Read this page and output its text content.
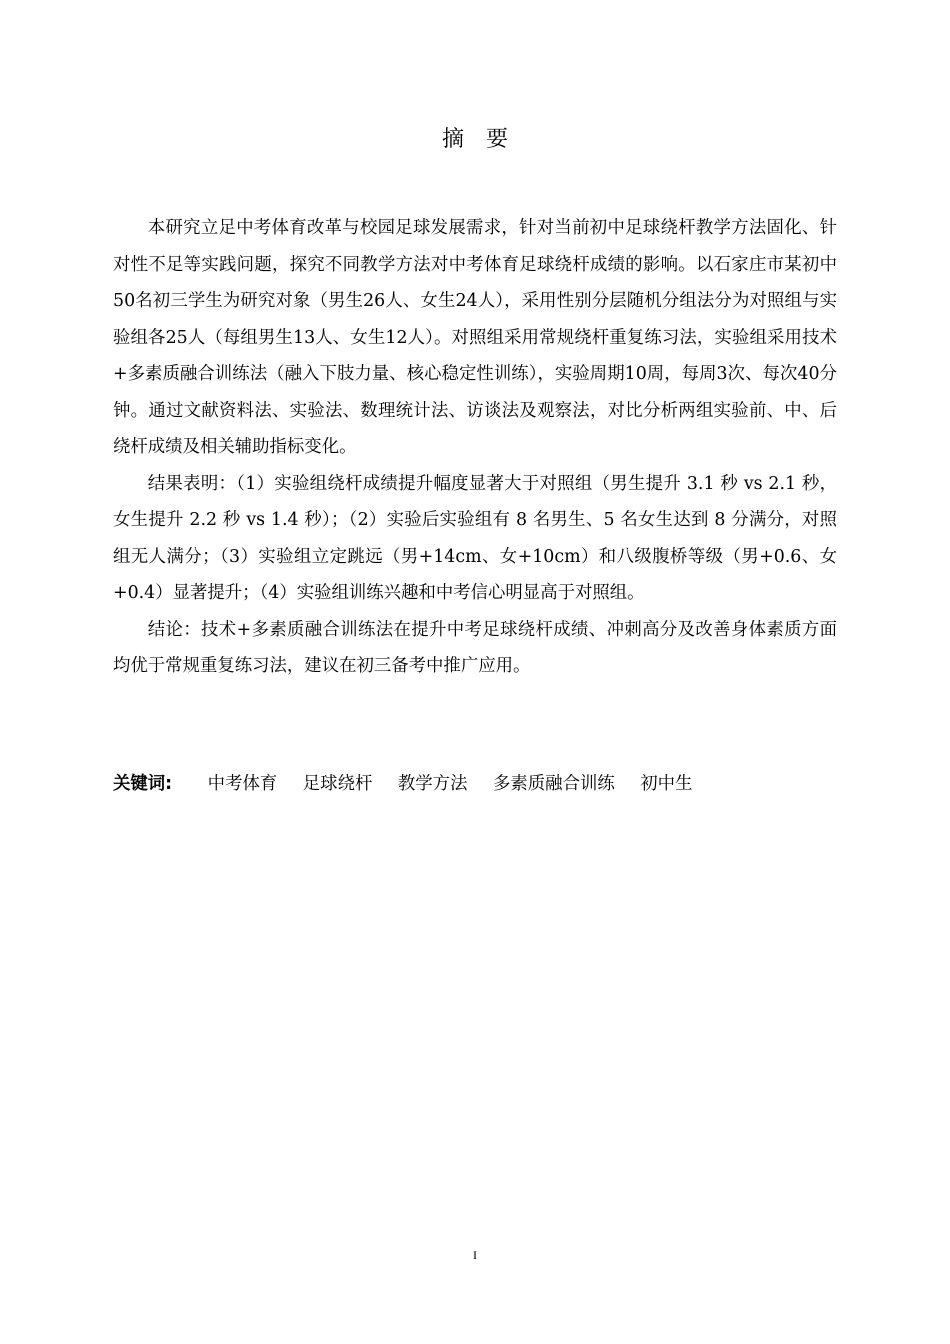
摘要

本研究立足中考体育改革与校园足球发展需求，针对当前初中足球绕杆教学方法固化、针对性不足等实践问题，探究不同教学方法对中考体育足球绕杆成绩的影响。以石家庄市某初中50名初三学生为研究对象（男生26人、女生24人），采用性别分层随机分组法分为对照组与实验组各25人（每组男生13人、女生12人）。对照组采用常规绕杆重复练习法，实验组采用技术+多素质融合训练法（融入下肢力量、核心稳定性训练），实验周期10周，每周3次、每次40分钟。通过文献资料法、实验法、数理统计法、访谈法及观察法，对比分析两组实验前、中、后绕杆成绩及相关辅助指标变化。

结果表明：（1）实验组绕杆成绩提升幅度显著大于对照组（男生提升 3.1 秒 vs 2.1 秒，女生提升 2.2 秒 vs 1.4 秒）；（2）实验后实验组有 8 名男生、5 名女生达到 8 分满分，对照组无人满分；（3）实验组立定跳远（男+14cm、女+10cm）和八级腹桥等级（男+0.6、女+0.4）显著提升；（4）实验组训练兴趣和中考信心明显高于对照组。

结论：技术+多素质融合训练法在提升中考足球绕杆成绩、冲刺高分及改善身体素质方面均优于常规重复练习法，建议在初三备考中推广应用。

关键词: 中考体育 足球绕杆 教学方法 多素质融合训练 初中生
I
